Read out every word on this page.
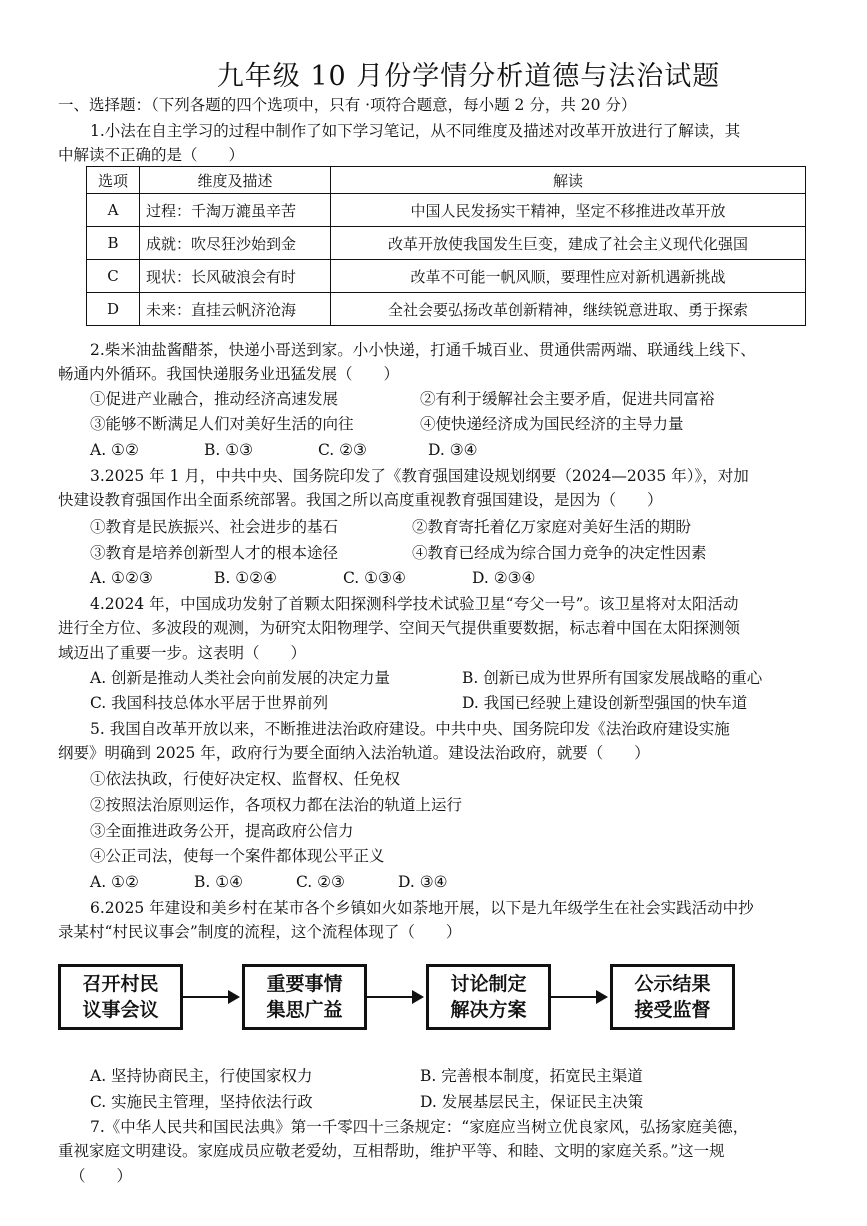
九年级 10 月份学情分析道德与法治试题
一、选择题：（下列各题的四个选项中，只有 ·项符合题意，每小题 2 分，共 20 分）
1.小法在自主学习的过程中制作了如下学习笔记，从不同维度及描述对改革开放进行了解读，其
中解读不正确的是（　　）
选项	维度及描述	解读
A	过程：千淘万漉虽辛苦	中国人民发扬实干精神，坚定不移推进改革开放
B	成就：吹尽狂沙始到金	改革开放使我国发生巨变，建成了社会主义现代化强国
C	现状：长风破浪会有时	改革不可能一帆风顺，要理性应对新机遇新挑战
D	未来：直挂云帆济沧海	全社会要弘扬改革创新精神，继续锐意进取、勇于探索
2.柴米油盐酱醋茶，快递小哥送到家。小小快递，打通千城百业、贯通供需两端、联通线上线下、
畅通内外循环。我国快递服务业迅猛发展（　　）
①促进产业融合，推动经济高速发展	②有利于缓解社会主要矛盾，促进共同富裕
③能够不断满足人们对美好生活的向往	④使快递经济成为国民经济的主导力量
A. ①②	B. ①③	C. ②③	D. ③④
3.2025 年 1 月，中共中央、国务院印发了《教育强国建设规划纲要（2024—2035 年）》，对加
快建设教育强国作出全面系统部署。我国之所以高度重视教育强国建设，是因为（　　）
①教育是民族振兴、社会进步的基石	②教育寄托着亿万家庭对美好生活的期盼
③教育是培养创新型人才的根本途径	④教育已经成为综合国力竞争的决定性因素
A. ①②③	B. ①②④	C. ①③④	D. ②③④
4.2024 年，中国成功发射了首颗太阳探测科学技术试验卫星“夸父一号”。该卫星将对太阳活动
进行全方位、多波段的观测，为研究太阳物理学、空间天气提供重要数据，标志着中国在太阳探测领
域迈出了重要一步。这表明（　　）
A. 创新是推动人类社会向前发展的决定力量	B. 创新已成为世界所有国家发展战略的重心
C. 我国科技总体水平居于世界前列	D. 我国已经驶上建设创新型强国的快车道
5. 我国自改革开放以来，不断推进法治政府建设。中共中央、国务院印发《法治政府建设实施
纲要》明确到 2025 年，政府行为要全面纳入法治轨道。建设法治政府，就要（　　）
①依法执政，行使好决定权、监督权、任免权
②按照法治原则运作，各项权力都在法治的轨道上运行
③全面推进政务公开，提高政府公信力
④公正司法，使每一个案件都体现公平正义
A. ①②	B. ①④	C. ②③	D. ③④
6.2025 年建设和美乡村在某市各个乡镇如火如荼地开展，以下是九年级学生在社会实践活动中抄
录某村“村民议事会”制度的流程，这个流程体现了（　　）
召开村民
议事会议
重要事情
集思广益
讨论制定
解决方案
公示结果
接受监督
A. 坚持协商民主，行使国家权力	B. 完善根本制度，拓宽民主渠道
C. 实施民主管理，坚持依法行政	D. 发展基层民主，保证民主决策
7.《中华人民共和国民法典》第一千零四十三条规定：“家庭应当树立优良家风，弘扬家庭美德，
重视家庭文明建设。家庭成员应敬老爱幼，互相帮助，维护平等、和睦、文明的家庭关系。”这一规
（　　）
